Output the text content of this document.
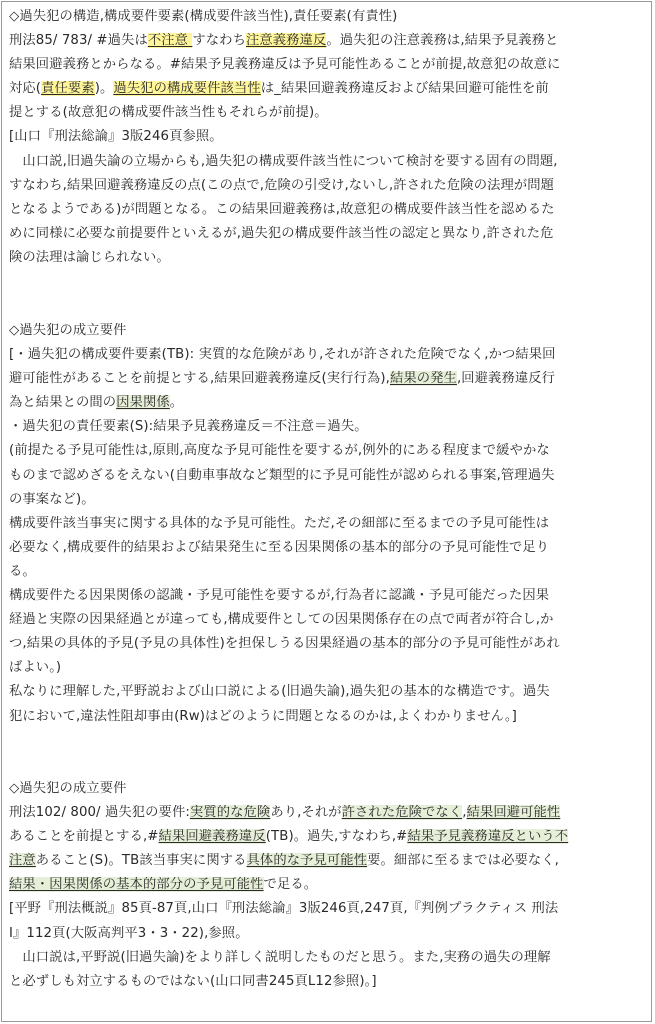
◇過失犯の構造,構成要件要素(構成要件該当性),責任要素(有責性)
刑法85/ 783/ #過失は不注意 すなわち注意義務違反。過失犯の注意義務は,結果予見義務と
結果回避義務とからなる。#結果予見義務違反は予見可能性あることが前提,故意犯の故意に
対応(責任要素)。過失犯の構成要件該当性は_結果回避義務違反および結果回避可能性を前
提とする(故意犯の構成要件該当性もそれらが前提)。
[山口『刑法総論』3版246頁参照。
　山口説,旧過失論の立場からも,過失犯の構成要件該当性について検討を要する固有の問題,
すなわち,結果回避義務違反の点(この点で,危険の引受け,ないし,許された危険の法理が問題
となるようである)が問題となる。この結果回避義務は,故意犯の構成要件該当性を認めるた
めに同様に必要な前提要件といえるが,過失犯の構成要件該当性の認定と異なり,許された危
険の法理は論じられない。
◇過失犯の成立要件
[・過失犯の構成要件要素(TB): 実質的な危険があり,それが許された危険でなく,かつ結果回
避可能性があることを前提とする,結果回避義務違反(実行行為),結果の発生,回避義務違反行
為と結果との間の因果関係。
・過失犯の責任要素(S):結果予見義務違反＝不注意＝過失。
(前提たる予見可能性は,原則,高度な予見可能性を要するが,例外的にある程度まで緩やかな
ものまで認めざるをえない(自動車事故など類型的に予見可能性が認められる事案,管理過失
の事案など)。
構成要件該当事実に関する具体的な予見可能性。ただ,その細部に至るまでの予見可能性は
必要なく,構成要件的結果および結果発生に至る因果関係の基本的部分の予見可能性で足り
る。
構成要件たる因果関係の認識・予見可能性を要するが,行為者に認識・予見可能だった因果
経過と実際の因果経過とが違っても,構成要件としての因果関係存在の点で両者が符合し,か
つ,結果の具体的予見(予見の具体性)を担保しうる因果経過の基本的部分の予見可能性があれ
ばよい。)
私なりに理解した,平野説および山口説による(旧過失論),過失犯の基本的な構造です。過失
犯において,違法性阻却事由(Rw)はどのように問題となるのかは,よくわかりません。]
◇過失犯の成立要件
刑法102/ 800/ 過失犯の要件:実質的な危険あり,それが許された危険でなく,結果回避可能性
あることを前提とする,#結果回避義務違反(TB)。過失,すなわち,#結果予見義務違反という不
注意あること(S)。TB該当事実に関する具体的な予見可能性要。細部に至るまでは必要なく,
結果・因果関係の基本的部分の予見可能性で足る。
[平野『刑法概説』85頁-87頁,山口『刑法総論』3版246頁,247頁,『判例プラクティス 刑法
Ⅰ』112頁(大阪高判平3・3・22),参照。
　山口説は,平野説(旧過失論)をより詳しく説明したものだと思う。また,実務の過失の理解
と必ずしも対立するものではない(山口同書245頁L12参照)。]
